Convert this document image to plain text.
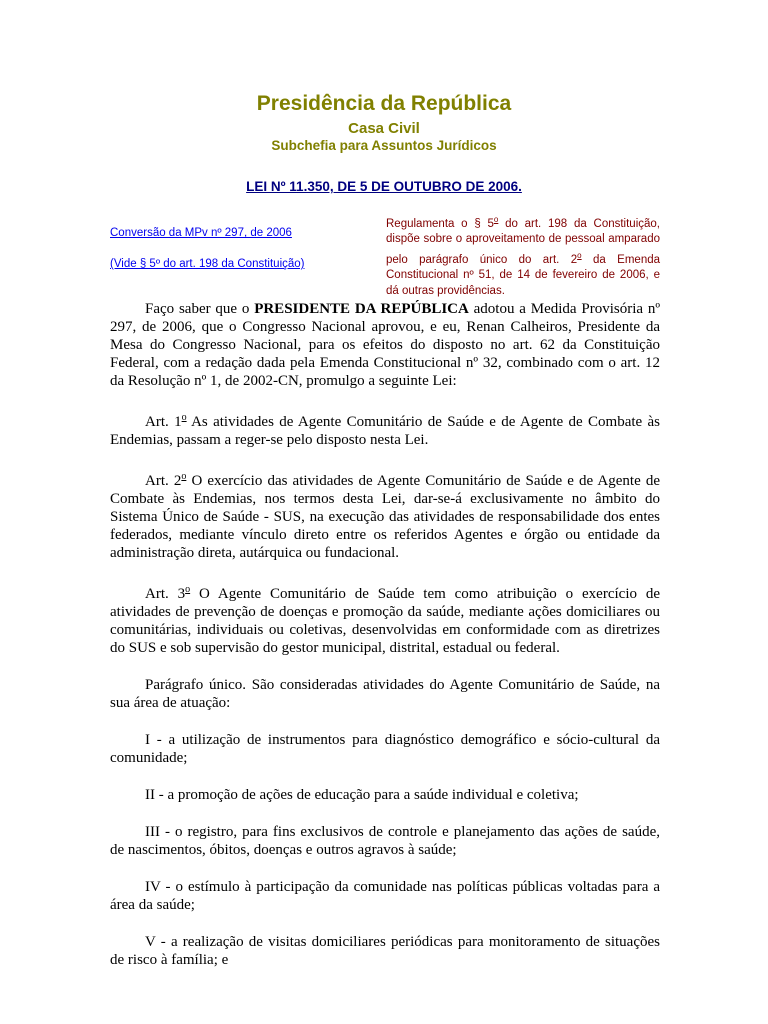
Presidência da República
Casa Civil
Subchefia para Assuntos Jurídicos
LEI Nº 11.350, DE 5 DE OUTUBRO DE 2006.
Conversão da MPv nº 297, de 2006
(Vide § 5º do art. 198 da Constituição)
Regulamenta o § 5$^o$ do art. 198 da Constituição, dispõe sobre o aproveitamento de pessoal amparado pelo parágrafo único do art. 2$^o$ da Emenda Constitucional nº 51, de 14 de fevereiro de 2006, e dá outras providências.

Faço saber que o PRESIDENTE DA REPÚBLICA adotou a Medida Provisória nº 297, de 2006, que o Congresso Nacional aprovou, e eu, Renan Calheiros, Presidente da Mesa do Congresso Nacional, para os efeitos do disposto no art. 62 da Constituição Federal, com a redação dada pela Emenda Constitucional nº 32, combinado com o art. 12 da Resolução nº 1, de 2002-CN, promulgo a seguinte Lei:

Art. 1$^o$ As atividades de Agente Comunitário de Saúde e de Agente de Combate às Endemias, passam a reger-se pelo disposto nesta Lei.

Art. 2$^o$ O exercício das atividades de Agente Comunitário de Saúde e de Agente de Combate às Endemias, nos termos desta Lei, dar-se-á exclusivamente no âmbito do Sistema Único de Saúde - SUS, na execução das atividades de responsabilidade dos entes federados, mediante vínculo direto entre os referidos Agentes e órgão ou entidade da administração direta, autárquica ou fundacional.

Art. 3$^o$ O Agente Comunitário de Saúde tem como atribuição o exercício de atividades de prevenção de doenças e promoção da saúde, mediante ações domiciliares ou comunitárias, individuais ou coletivas, desenvolvidas em conformidade com as diretrizes do SUS e sob supervisão do gestor municipal, distrital, estadual ou federal.

Parágrafo único. São consideradas atividades do Agente Comunitário de Saúde, na sua área de atuação:

I - a utilização de instrumentos para diagnóstico demográfico e sócio-cultural da comunidade;

II - a promoção de ações de educação para a saúde individual e coletiva;

III - o registro, para fins exclusivos de controle e planejamento das ações de saúde, de nascimentos, óbitos, doenças e outros agravos à saúde;

IV - o estímulo à participação da comunidade nas políticas públicas voltadas para a área da saúde;

V - a realização de visitas domiciliares periódicas para monitoramento de situações de risco à família; e
